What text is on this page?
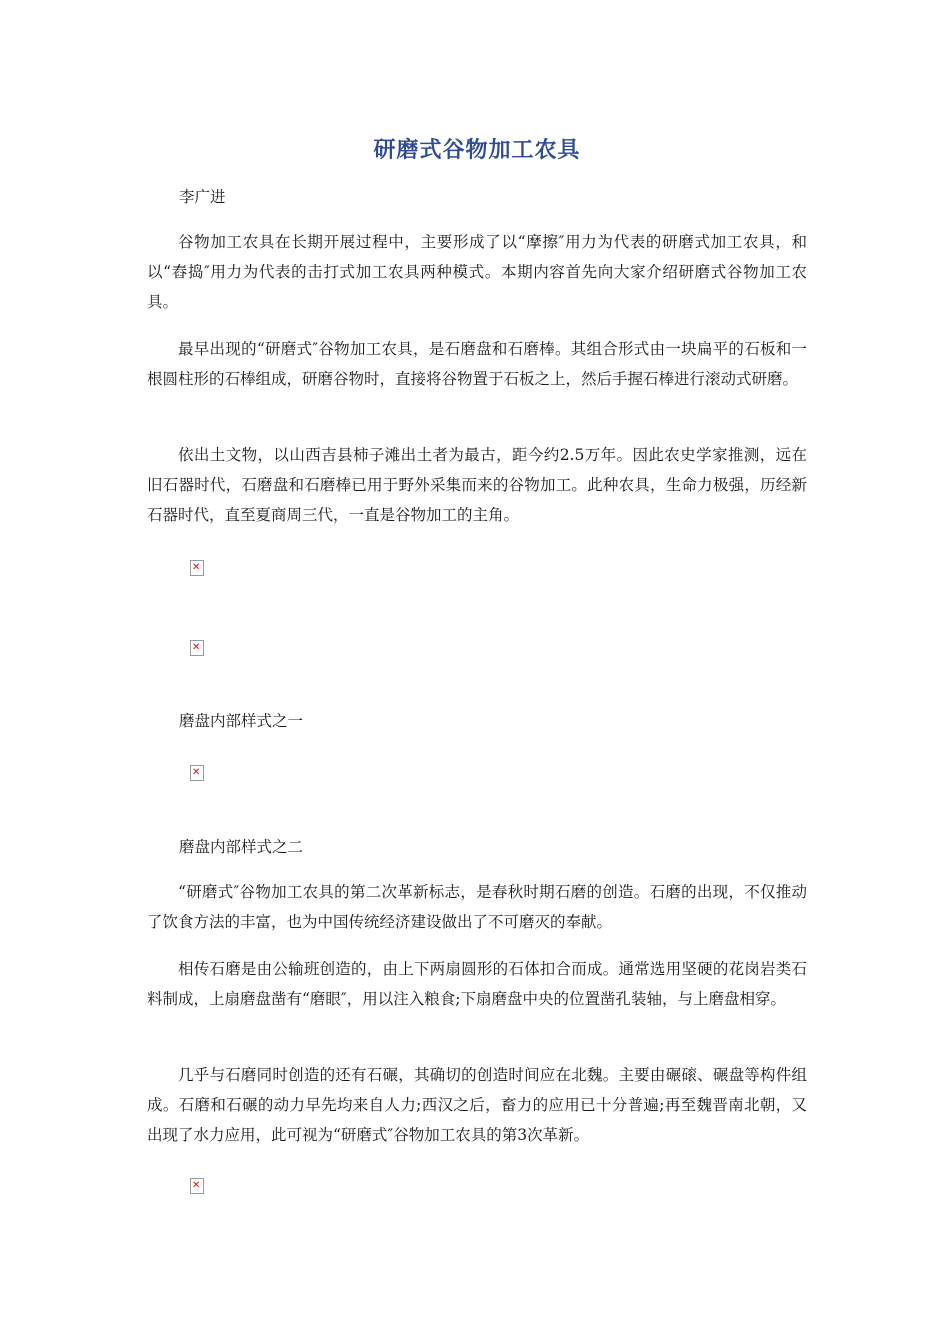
研磨式谷物加工农具

李广进

谷物加工农具在长期开展过程中，主要形成了以“摩擦″用力为代表的研磨式加工农具，和以“舂捣″用力为代表的击打式加工农具两种模式。本期内容首先向大家介绍研磨式谷物加工农具。

最早出现的“研磨式″谷物加工农具，是石磨盘和石磨棒。其组合形式由一块扁平的石板和一根圆柱形的石棒组成，研磨谷物时，直接将谷物置于石板之上，然后手握石棒进行滚动式研磨。

依出土文物，以山西吉县柿子滩出土者为最古，距今约2.5万年。因此农史学家推测，远在旧石器时代，石磨盘和石磨棒已用于野外采集而来的谷物加工。此种农具，生命力极强，历经新石器时代，直至夏商周三代，一直是谷物加工的主角。

✕
✕

磨盘内部样式之一

✕

磨盘内部样式之二

“研磨式″谷物加工农具的第二次革新标志，是春秋时期石磨的创造。石磨的出现，不仅推动了饮食方法的丰富，也为中国传统经济建设做出了不可磨灭的奉献。

相传石磨是由公输班创造的，由上下两扇圆形的石体扣合而成。通常选用坚硬的花岗岩类石料制成，上扇磨盘凿有“磨眼″，用以注入粮食;下扇磨盘中央的位置凿孔装轴，与上磨盘相穿。

几乎与石磨同时创造的还有石碾，其确切的创造时间应在北魏。主要由碾磙、碾盘等构件组成。石磨和石碾的动力早先均来自人力;西汉之后，畜力的应用已十分普遍;再至魏晋南北朝，又出现了水力应用，此可视为“研磨式″谷物加工农具的第3次革新。

✕
